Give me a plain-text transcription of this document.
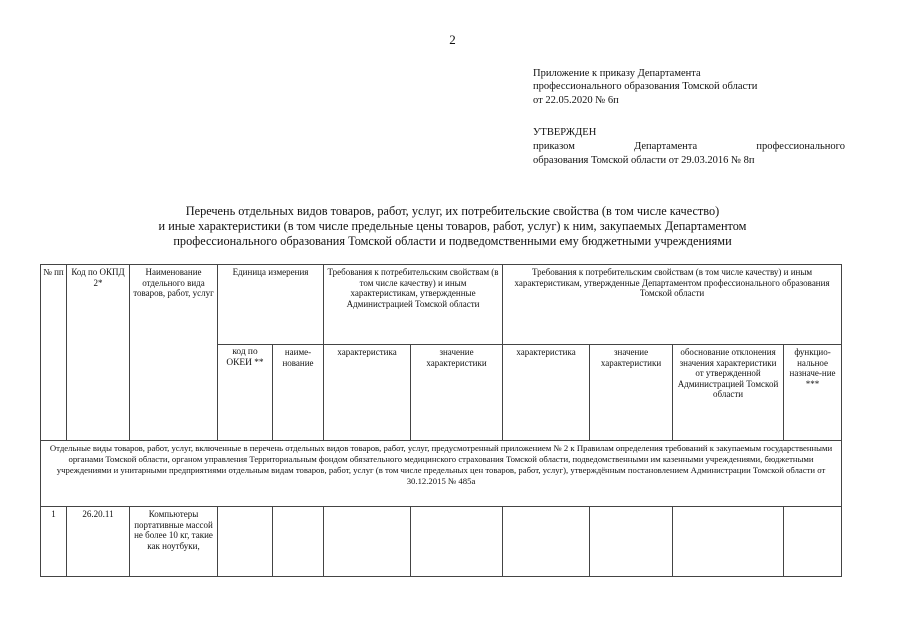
2
Приложение к приказу Департамента
профессионального образования Томской области
от 22.05.2020 № 6п
УТВЕРЖДЕН
приказом	Департамента	профессионального
образования Томской области от 29.03.2016 № 8п
Перечень отдельных видов товаров, работ, услуг, их потребительские свойства (в том числе качество)
и иные характеристики (в том числе предельные цены товаров, работ, услуг) к ним, закупаемых Департаментом
профессионального образования Томской области и подведомственными ему бюджетными учреждениями
№ пп	Код по ОКПД 2*	Наименование отдельного вида товаров, работ, услуг	Единица измерения		Требования к потребительским свойствам (в том числе качеству) и иным характеристикам, утвержденные Администрацией Томской области		Требования к потребительским свойствам (в том числе качеству) и иным характеристикам, утвержденные Департаментом профессионального образования Томской области			
			код по ОКЕИ **	наиме-нование	характеристика	значение характеристики	характеристика	значение характеристики	обоснование отклонения значения характеристики от утвержденной Администрацией Томской области	функцио-нальное назначе-ние ***
Отдельные виды товаров, работ, услуг, включенные в перечень отдельных видов товаров, работ, услуг, предусмотренный приложением № 2 к Правилам определения требований к закупаемым государственными органами Томской области, органом управления Территориальным фондом обязательного медицинского страхования Томской области, подведомственными им казенными учреждениями, бюджетными учреждениями и унитарными предприятиями отдельным видам товаров, работ, услуг (в том числе предельных цен товаров, работ, услуг), утверждённым постановлением Администрации Томской области от 30.12.2015 № 485а										
1	26.20.11	Компьютеры портативные массой не более 10 кг, такие как ноутбуки,								
